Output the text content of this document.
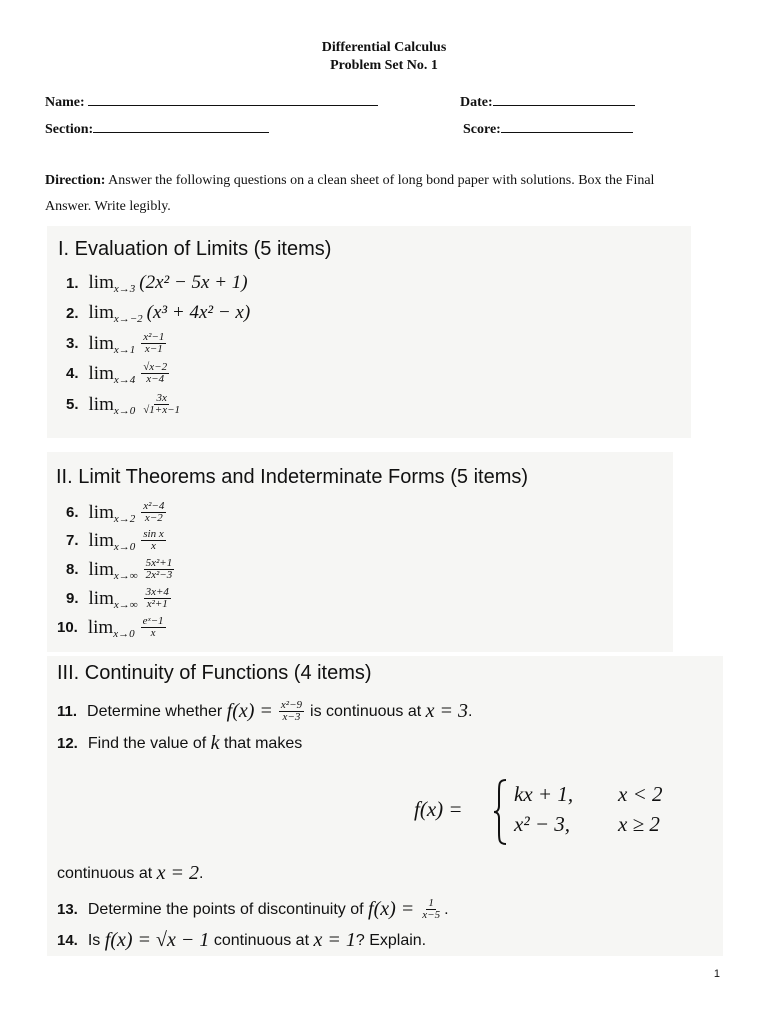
Differential Calculus
Problem Set No. 1
Name:	Date:
Section:	Score:
Direction: Answer the following questions on a clean sheet of long bond paper with solutions. Box the Final Answer. Write legibly.
I. Evaluation of Limits (5 items)
1. lim x→3 (2x² − 5x + 1)
2. lim x→−2 (x³ + 4x² − x)
3. $\lim x\to 1 \frac{\text{x²−1}}{x-1}$
4. $\lim x\to 4 \frac{√x-2}{x-4}$
5. $\lim x\to 0 \frac{3x}{√1+x-1}$
II. Limit Theorems and Indeterminate Forms (5 items)
6. $\lim x\to 2 \frac{\text{x²−4}}{x-2}$
7. $\lim x\to 0 \frac{\text{sin x}}{x}$
8. $\lim x\to\infty \frac{\text{5x²+1}}{\text{2x²−3}}$
9. $\lim x\to\infty \frac{3x+4}{\text{x²+1}}$
10. $\lim x\to 0 \frac{\text{eˣ−1}}{x}$
III. Continuity of Functions (4 items)
11. Determine whether
$f(x) = \frac{\text{x²−9}}{x-3}$ is continuous at
x = 3 .
12. Find the value of
k
that makes
f(x) =
kx + 1, x < 2
x² − 3, x ≥ 2
continuous at
x = 2 .
13. Determine the points of discontinuity of
$f(x) = \frac{1}{x-5}$ .
14. Is
f(x) = √x − 1
continuous at
x = 1 ? Explain.
1
